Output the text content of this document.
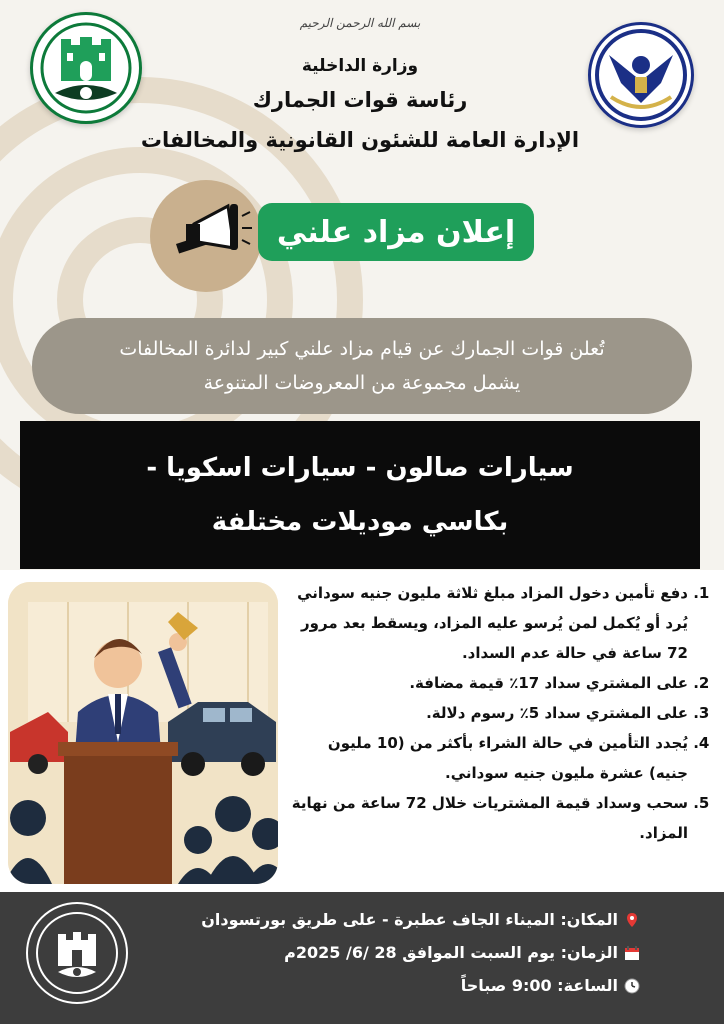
بسم الله الرحمن الرحيم
وزارة الداخلية
رئاسة قوات الجمارك
الإدارة العامة للشئون القانونية والمخالفات
إعلان مزاد علني
تُعلن قوات الجمارك عن قيام مزاد علني كبير لدائرة المخالفات
يشمل مجموعة من المعروضات المتنوعة
سيارات صالون - سيارات اسكويا -
بكاسي موديلات مختلفة
1. دفع تأمين دخول المزاد مبلغ ثلاثة مليون جنيه سوداني يُرد أو يُكمل لمن يُرسو عليه المزاد، ويسقط بعد مرور 72 ساعة في حالة عدم السداد.
2. على المشتري سداد 17٪ قيمة مضافة.
3. على المشتري سداد 5٪ رسوم دلالة.
4. يُجدد التأمين في حالة الشراء بأكثر من (10 مليون جنيه) عشرة مليون جنيه سوداني.
5. سحب وسداد قيمة المشتريات خلال 72 ساعة من نهاية المزاد.
المكان: الميناء الجاف عطبرة - على طريق بورتسودان
الزمان: يوم السبت الموافق 28 /6/ 2025م
الساعة: 9:00 صباحاً
